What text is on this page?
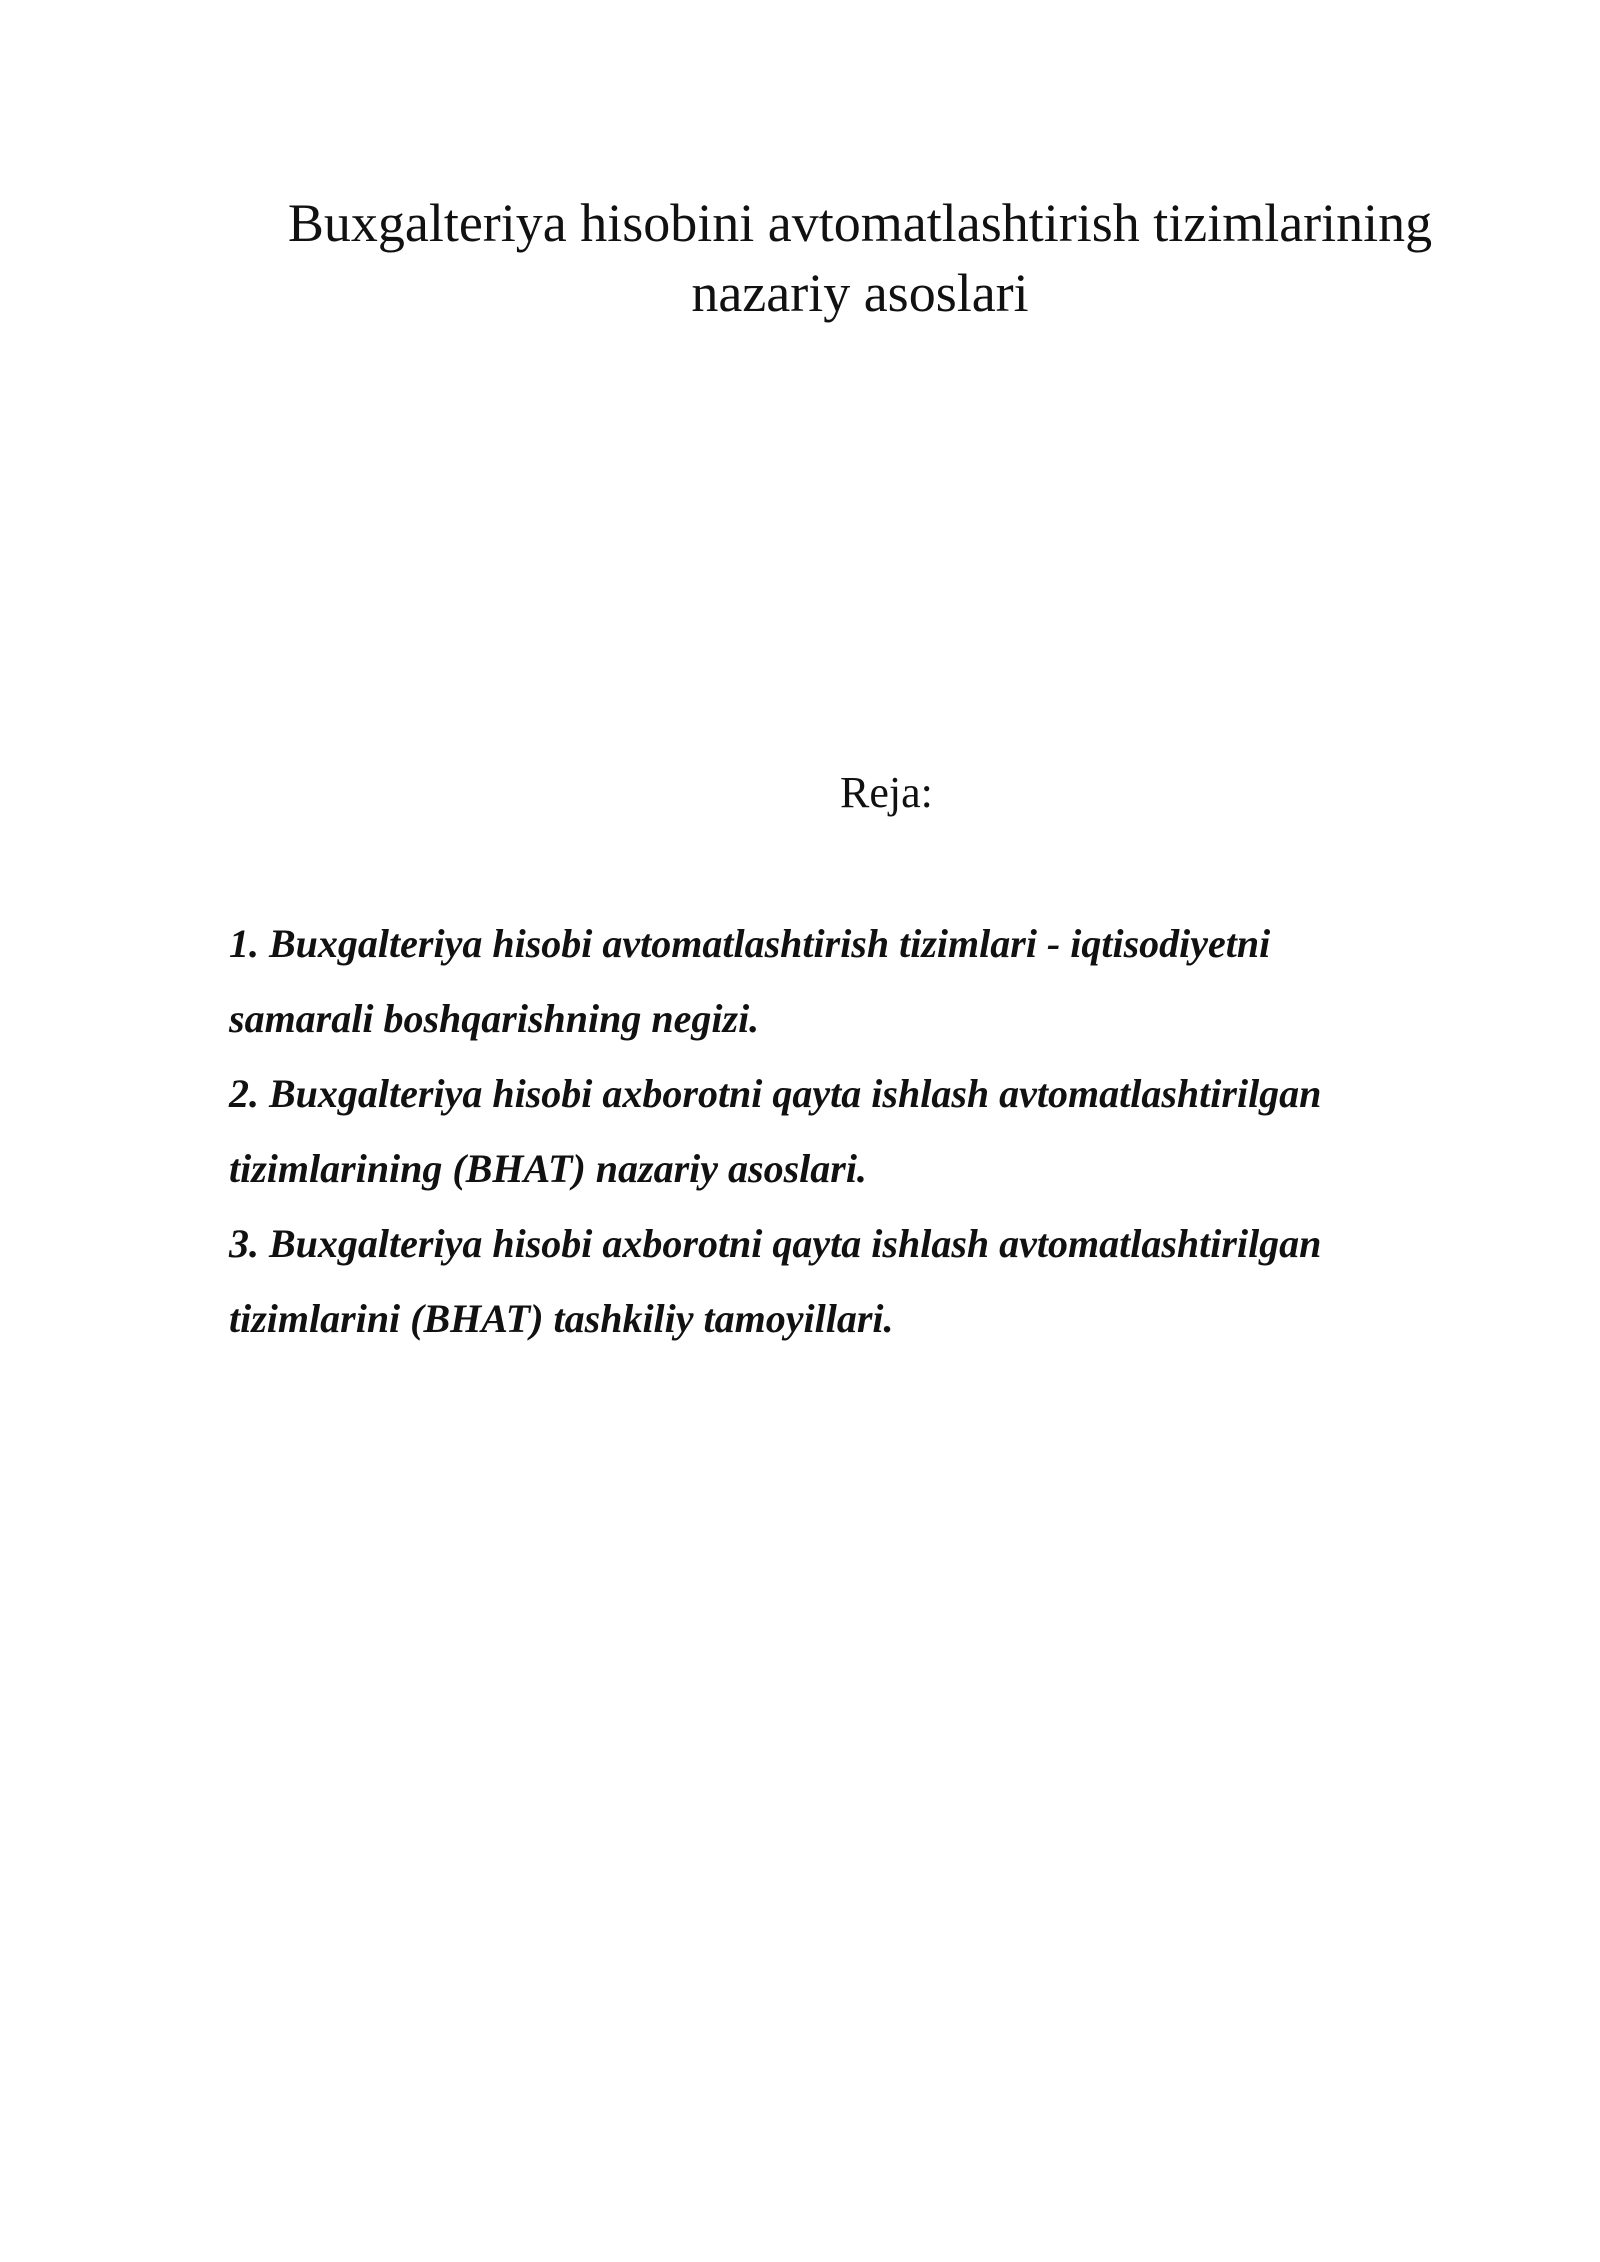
Buxgalteriya hisobini avtomatlashtirish tizimlarining
nazariy asoslari
Reja:
1. Buxgalteriya hisobi avtomatlashtirish tizimlari - iqtisodiyetni
samarali boshqarishning negizi.
2. Buxgalteriya hisobi axborotni qayta ishlash avtomatlashtirilgan
tizimlarining (BHAT) nazariy asoslari.
3. Buxgalteriya hisobi axborotni qayta ishlash avtomatlashtirilgan
tizimlarini (BHAT) tashkiliy tamoyillari.
